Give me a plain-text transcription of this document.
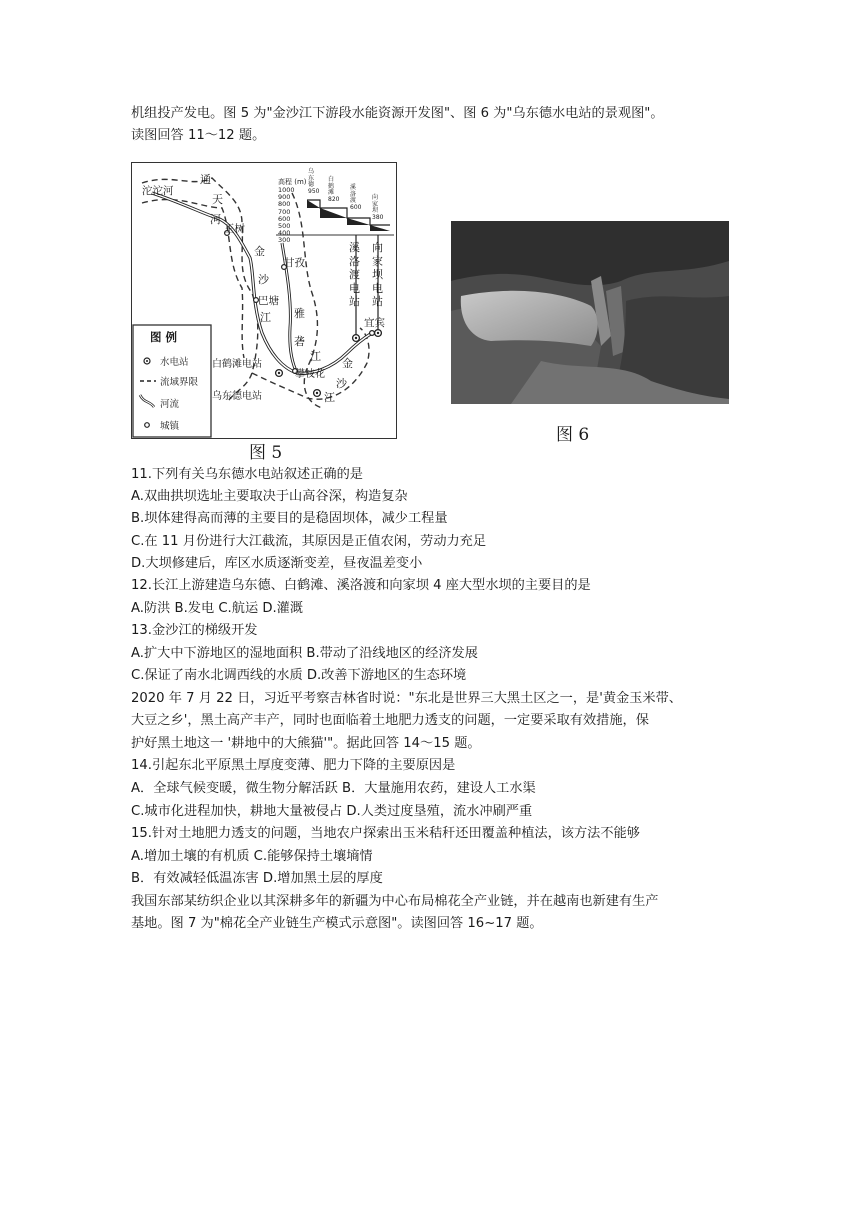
机组投产发电。图 5 为"金沙江下游段水能资源开发图"、图 6 为"乌东德水电站的景观图"。
读图回答 11～12 题。
沱沱河
通
天
河
玉树
金
沙
江
甘孜
巴塘
雅
砻
江
白鹤滩电站
乌东德电站
攀枝花
金
沙
江
宜宾
溪
洛
渡
电
站
向
家
坝
电
站
高程 (m)
1000
900
800
700
600
500
400
300
乌东德
950
白鹤滩
820
溪洛渡
600
向家坝
380
图 例
水电站
流域界限
河流
城镇
图 5
图 6
11.下列有关乌东德水电站叙述正确的是
A.双曲拱坝选址主要取决于山高谷深，构造复杂
B.坝体建得高而薄的主要目的是稳固坝体，减少工程量
C.在 11 月份进行大江截流，其原因是正值农闲，劳动力充足
D.大坝修建后，库区水质逐渐变差，昼夜温差变小
12.长江上游建造乌东德、白鹤滩、溪洛渡和向家坝 4 座大型水坝的主要目的是
A.防洪 B.发电 C.航运 D.灌溉
13.金沙江的梯级开发
A.扩大中下游地区的湿地面积 B.带动了沿线地区的经济发展
C.保证了南水北调西线的水质 D.改善下游地区的生态环境
2020 年 7 月 22 日，习近平考察吉林省时说："东北是世界三大黑土区之一，是'黄金玉米带、
大豆之乡'，黑土高产丰产，同时也面临着土地肥力透支的问题，一定要采取有效措施，保
护好黑土地这一 '耕地中的大熊猫'"。据此回答 14～15 题。
14.引起东北平原黑土厚度变薄、肥力下降的主要原因是
A．全球气候变暖，微生物分解活跃 B．大量施用农药，建设人工水渠
C.城市化进程加快，耕地大量被侵占 D.人类过度垦殖，流水冲刷严重
15.针对土地肥力透支的问题，当地农户探索出玉米秸秆还田覆盖种植法，该方法不能够
A.增加土壤的有机质 C.能够保持土壤墒情
B．有效减轻低温冻害 D.增加黑土层的厚度
我国东部某纺织企业以其深耕多年的新疆为中心布局棉花全产业链，并在越南也新建有生产
基地。图 7 为"棉花全产业链生产模式示意图"。读图回答 16~17 题。
